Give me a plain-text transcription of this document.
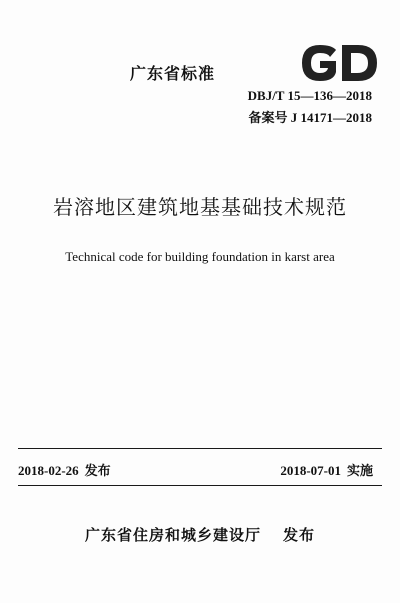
广东省标准
GD
DBJ/T 15—136—2018
备案号 J 14171—2018
岩溶地区建筑地基基础技术规范
Technical code for building foundation in karst area
2018-02-26 发布	2018-07-01 实施
广东省住房和城乡建设厅 发布
